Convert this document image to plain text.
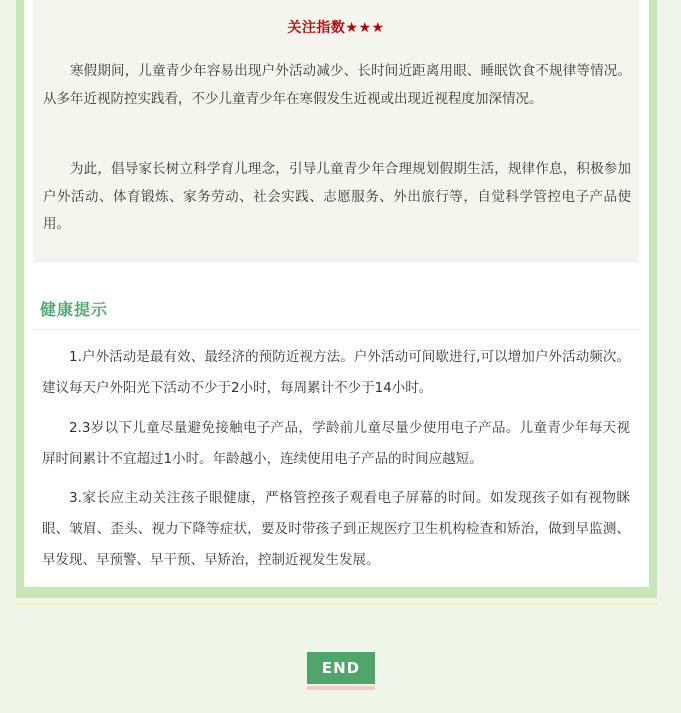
关注指数★★★

寒假期间，儿童青少年容易出现户外活动减少、长时间近距离用眼、睡眠饮食不规律等情况。从多年近视防控实践看，不少儿童青少年在寒假发生近视或出现近视程度加深情况。

为此，倡导家长树立科学育儿理念，引导儿童青少年合理规划假期生活，规律作息，积极参加户外活动、体育锻炼、家务劳动、社会实践、志愿服务、外出旅行等，自觉科学管控电子产品使用。

健康提示

1.户外活动是最有效、最经济的预防近视方法。户外活动可间歇进行,可以增加户外活动频次。建议每天户外阳光下活动不少于2小时，每周累计不少于14小时。

2.3岁以下儿童尽量避免接触电子产品，学龄前儿童尽量少使用电子产品。儿童青少年每天视屏时间累计不宜超过1小时。年龄越小，连续使用电子产品的时间应越短。

3.家长应主动关注孩子眼健康，严格管控孩子观看电子屏幕的时间。如发现孩子如有视物眯眼、皱眉、歪头、视力下降等症状，要及时带孩子到正规医疗卫生机构检查和矫治，做到早监测、早发现、早预警、早干预、早矫治，控制近视发生发展。

END
